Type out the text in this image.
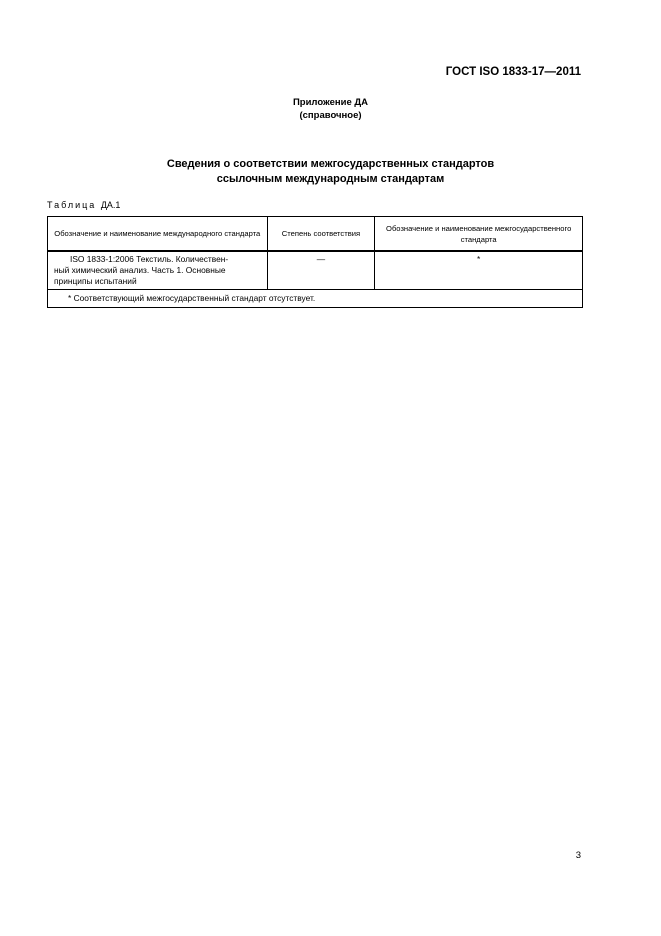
ГОСТ ISO 1833-17—2011
Приложение ДА
(справочное)
Сведения о соответствии межгосударственных стандартов
ссылочным международным стандартам
Таблица ДА.1
Обозначение и наименование международного стандарта	Степень соответствия	Обозначение и наименование межгосударственного стандарта

ISO 1833-1:2006 Текстиль. Количествен-
ный химический анализ. Часть 1. Основные
принципы испытаний	—	*
* Соответствующий межгосударственный стандарт отсутствует.		
3
